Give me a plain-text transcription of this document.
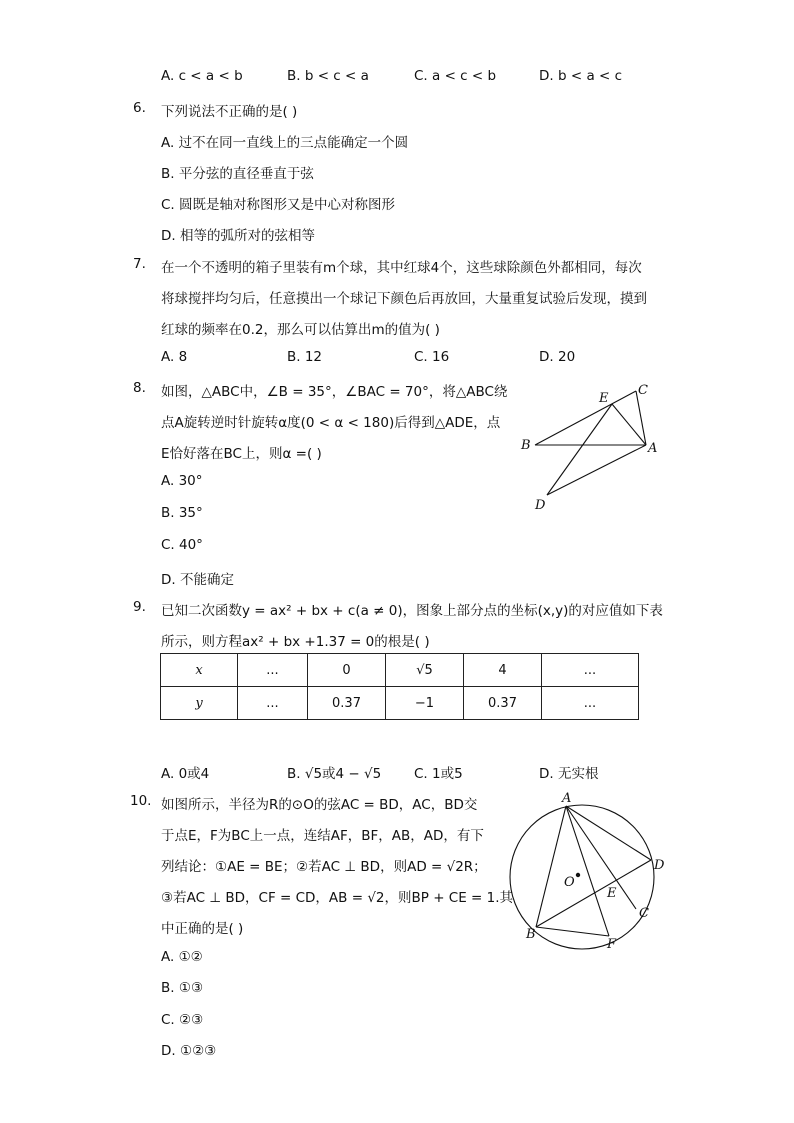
A. c < a < b	B. b < c < a	C. a < c < b	D. b < a < c
6. 下列说法不正确的是( )
A. 过不在同一直线上的三点能确定一个圆
B. 平分弦的直径垂直于弦
C. 圆既是轴对称图形又是中心对称图形
D. 相等的弧所对的弦相等
7. 在一个不透明的箱子里装有m个球，其中红球4个，这些球除颜色外都相同，每次
将球搅拌均匀后，任意摸出一个球记下颜色后再放回，大量重复试验后发现，摸到
红球的频率在0.2，那么可以估算出m的值为( )
A. 8	B. 12	C. 16	D. 20
8. 如图，△ABC中，∠B = 35°，∠BAC = 70°，将△ABC绕
点A旋转逆时针旋转α度(0 < α < 180)后得到△ADE，点
E恰好落在BC上，则α =( )
A. 30°
B. 35°
C. 40°
D. 不能确定
E
C
B	A
D
9. 已知二次函数y = ax² + bx + c(a ≠ 0)，图象上部分点的坐标(x,y)的对应值如下表
所示，则方程ax² + bx +1.37 = 0的根是( )
x	...	0	√5	4	...
y	...	0.37	−1	0.37	...
A. 0或4	B. √5或4 − √5 C. 1或5	D. 无实根
10. 如图所示，半径为R的⊙O的弦AC = BD，AC，BD交
于点E，F为BC上一点，连结AF，BF，AB，AD，有下
列结论：①AE = BE；②若AC ⊥ BD，则AD = √2R；
③若AC ⊥ BD，CF = CD，AB = √2，则BP + CE = 1.其
中正确的是( )
A. ①②
B. ①③
C. ②③
D. ①②③
A
D
O
E
C
B
F
